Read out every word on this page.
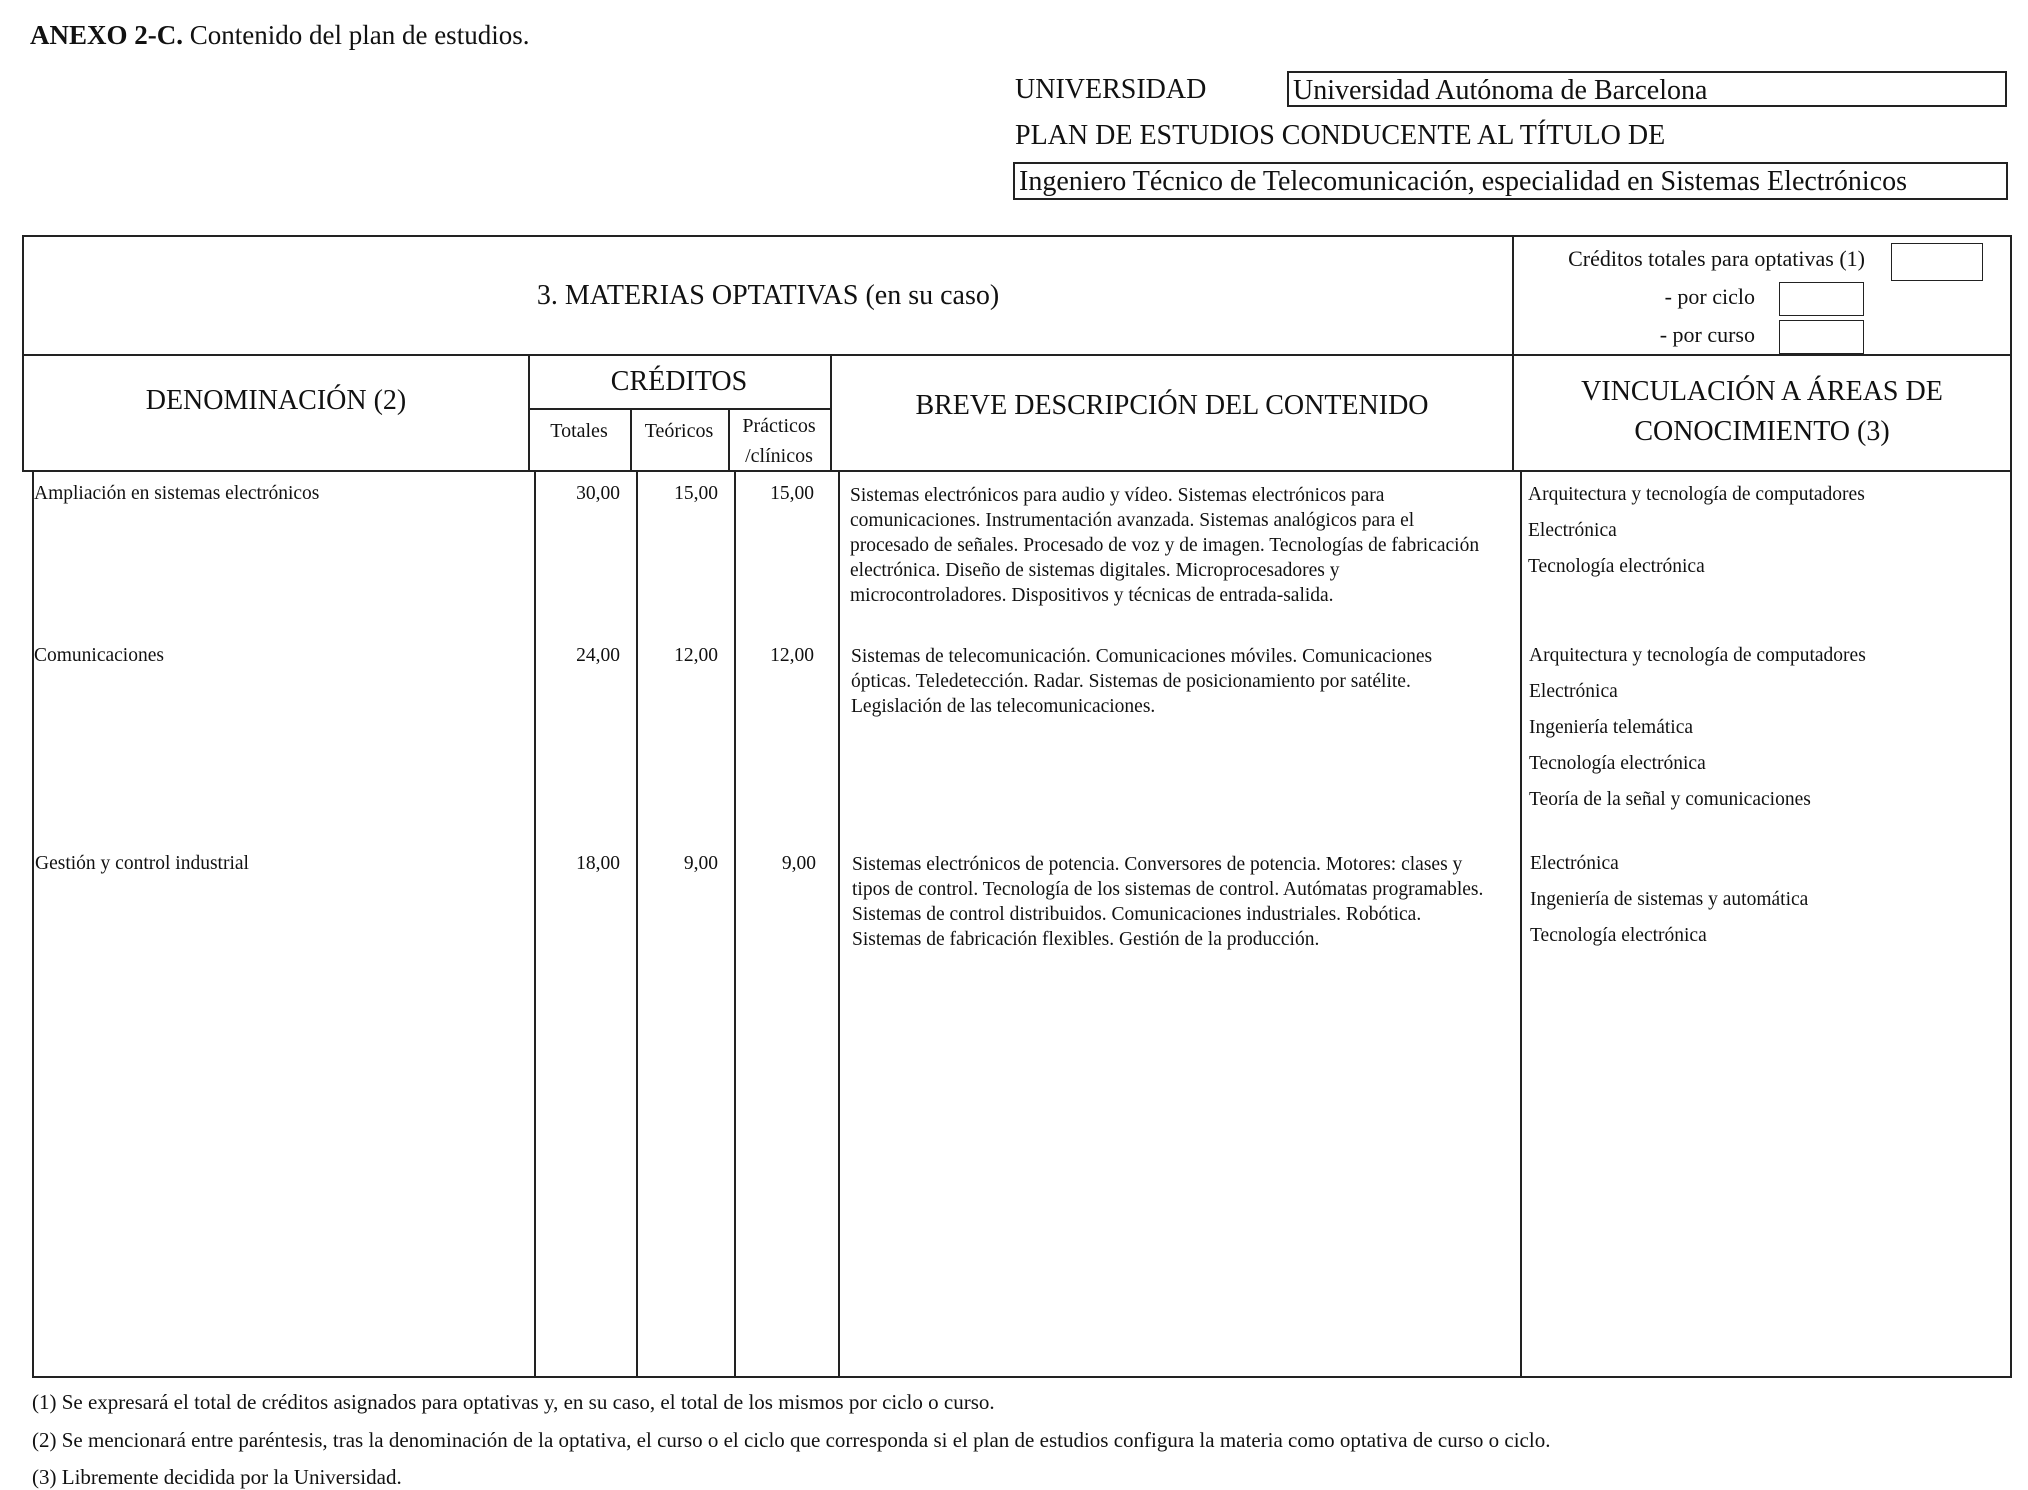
ANEXO 2-C. Contenido del plan de estudios.
UNIVERSIDAD	Universidad Autónoma de Barcelona
PLAN DE ESTUDIOS CONDUCENTE AL TÍTULO DE
Ingeniero Técnico de Telecomunicación, especialidad en Sistemas Electrónicos
3. MATERIAS OPTATIVAS (en su caso)
Créditos totales para optativas (1)
- por ciclo
- por curso
DENOMINACIÓN (2)
CRÉDITOS
Totales	Teóricos	Prácticos /clínicos
BREVE DESCRIPCIÓN DEL CONTENIDO	VINCULACIÓN A ÁREAS DE CONOCIMIENTO (3)
Ampliación en sistemas electrónicos	30,00	15,00	15,00 Sistemas electrónicos para audio y vídeo. Sistemas electrónicos para comunicaciones. Instrumentación avanzada. Sistemas analógicos para el procesado de señales. Procesado de voz y de imagen. Tecnologías de fabricación electrónica. Diseño de sistemas digitales. Microprocesadores y microcontroladores. Dispositivos y técnicas de entrada-salida.
Arquitectura y tecnología de computadores
Electrónica
Tecnología electrónica
Comunicaciones	24,00	12,00	12,00 Sistemas de telecomunicación. Comunicaciones móviles. Comunicaciones ópticas. Teledetección. Radar. Sistemas de posicionamiento por satélite. Legislación de las telecomunicaciones.
Arquitectura y tecnología de computadores
Electrónica
Ingeniería telemática
Tecnología electrónica
Teoría de la señal y comunicaciones
Gestión y control industrial	18,00	9,00	9,00 Sistemas electrónicos de potencia. Conversores de potencia. Motores: clases y tipos de control. Tecnología de los sistemas de control. Autómatas programables. Sistemas de control distribuidos. Comunicaciones industriales. Robótica. Sistemas de fabricación flexibles. Gestión de la producción.
Electrónica
Ingeniería de sistemas y automática
Tecnología electrónica
(1) Se expresará el total de créditos asignados para optativas y, en su caso, el total de los mismos por ciclo o curso.
(2) Se mencionará entre paréntesis, tras la denominación de la optativa, el curso o el ciclo que corresponda si el plan de estudios configura la materia como optativa de curso o ciclo.
(3) Libremente decidida por la Universidad.
